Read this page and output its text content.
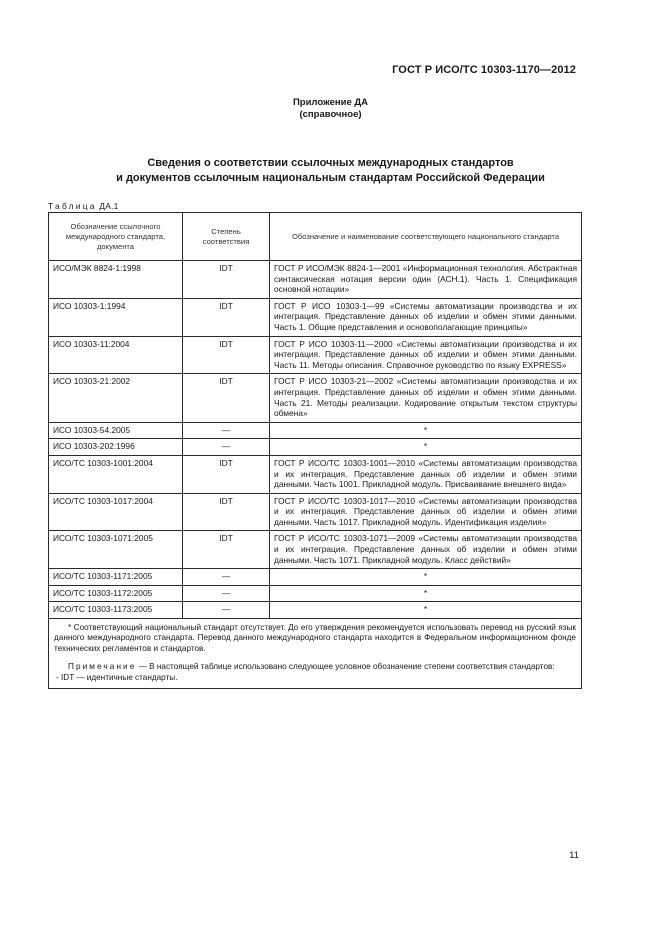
ГОСТ Р ИСО/ТС 10303-1170—2012
Приложение ДА
(справочное)
Сведения о соответствии ссылочных международных стандартов
и документов ссылочным национальным стандартам Российской Федерации
Таблица ДА.1
Обозначение ссылочного международного стандарта, документа	Степень соответствия	Обозначение и наименование соответствующего национального стандарта
ИСО/МЭК 8824-1:1998	IDT	ГОСТ Р ИСО/МЭК 8824-1—2001 «Информационная технология. Абстрактная синтаксическая нотация версии один (АСН.1). Часть 1. Спецификация основной нотации»
ИСО 10303-1:1994	IDT	ГОСТ Р ИСО 10303-1—99 «Системы автоматизации производства и их интеграция. Представление данных об изделии и обмен этими данными. Часть 1. Общие представления и основополагающие принципы»
ИСО 10303-11:2004	IDT	ГОСТ Р ИСО 10303-11—2000 «Системы автоматизации производства и их интеграция. Представление данных об изделии и обмен этими данными. Часть 11. Методы описания. Справочное руководство по языку EXPRESS»
ИСО 10303-21:2002	IDT	ГОСТ Р ИСО 10303-21—2002 «Системы автоматизации производства и их интеграция. Представление данных об изделии и обмен этими данными. Часть 21. Методы реализации. Кодирование открытым текстом структуры обмена»
ИСО 10303-54.2005	—	*
ИСО 10303-202:1996	—	*
ИСО/ТС 10303-1001:2004	IDT	ГОСТ Р ИСО/ТС 10303-1001—2010 «Системы автоматизации производства и их интеграция. Представление данных об изделии и обмен этими данными. Часть 1001. Прикладной модуль. Присваивание внешнего вида»
ИСО/ТС 10303-1017:2004	IDT	ГОСТ Р ИСО/ТС 10303-1017—2010 «Системы автоматизации производства и их интеграция. Представление данных об изделии и обмен этими данными. Часть 1017. Прикладной модуль. Идентификация изделия»
ИСО/ТС 10303-1071:2005	IDT	ГОСТ Р ИСО/ТС 10303-1071—2009 «Системы автоматизации производства и их интеграция. Представление данных об изделии и обмен этими данными. Часть 1071. Прикладной модуль. Класс действий»
ИСО/ТС 10303-1171:2005	—	*
ИСО/ТС 10303-1172:2005	—	*
ИСО/ТС 10303-1173:2005	—	*

* Соответствующий национальный стандарт отсутствует. До его утверждения рекомендуется использовать перевод на русский язык данного международного стандарта. Перевод данного международного стандарта находится в Федеральном информационном фонде технических регламентов и стандартов.

Примечание — В настоящей таблице использовано следующее условное обозначение степени соответствия стандартов:

- IDT — идентичные стандарты.		

11
